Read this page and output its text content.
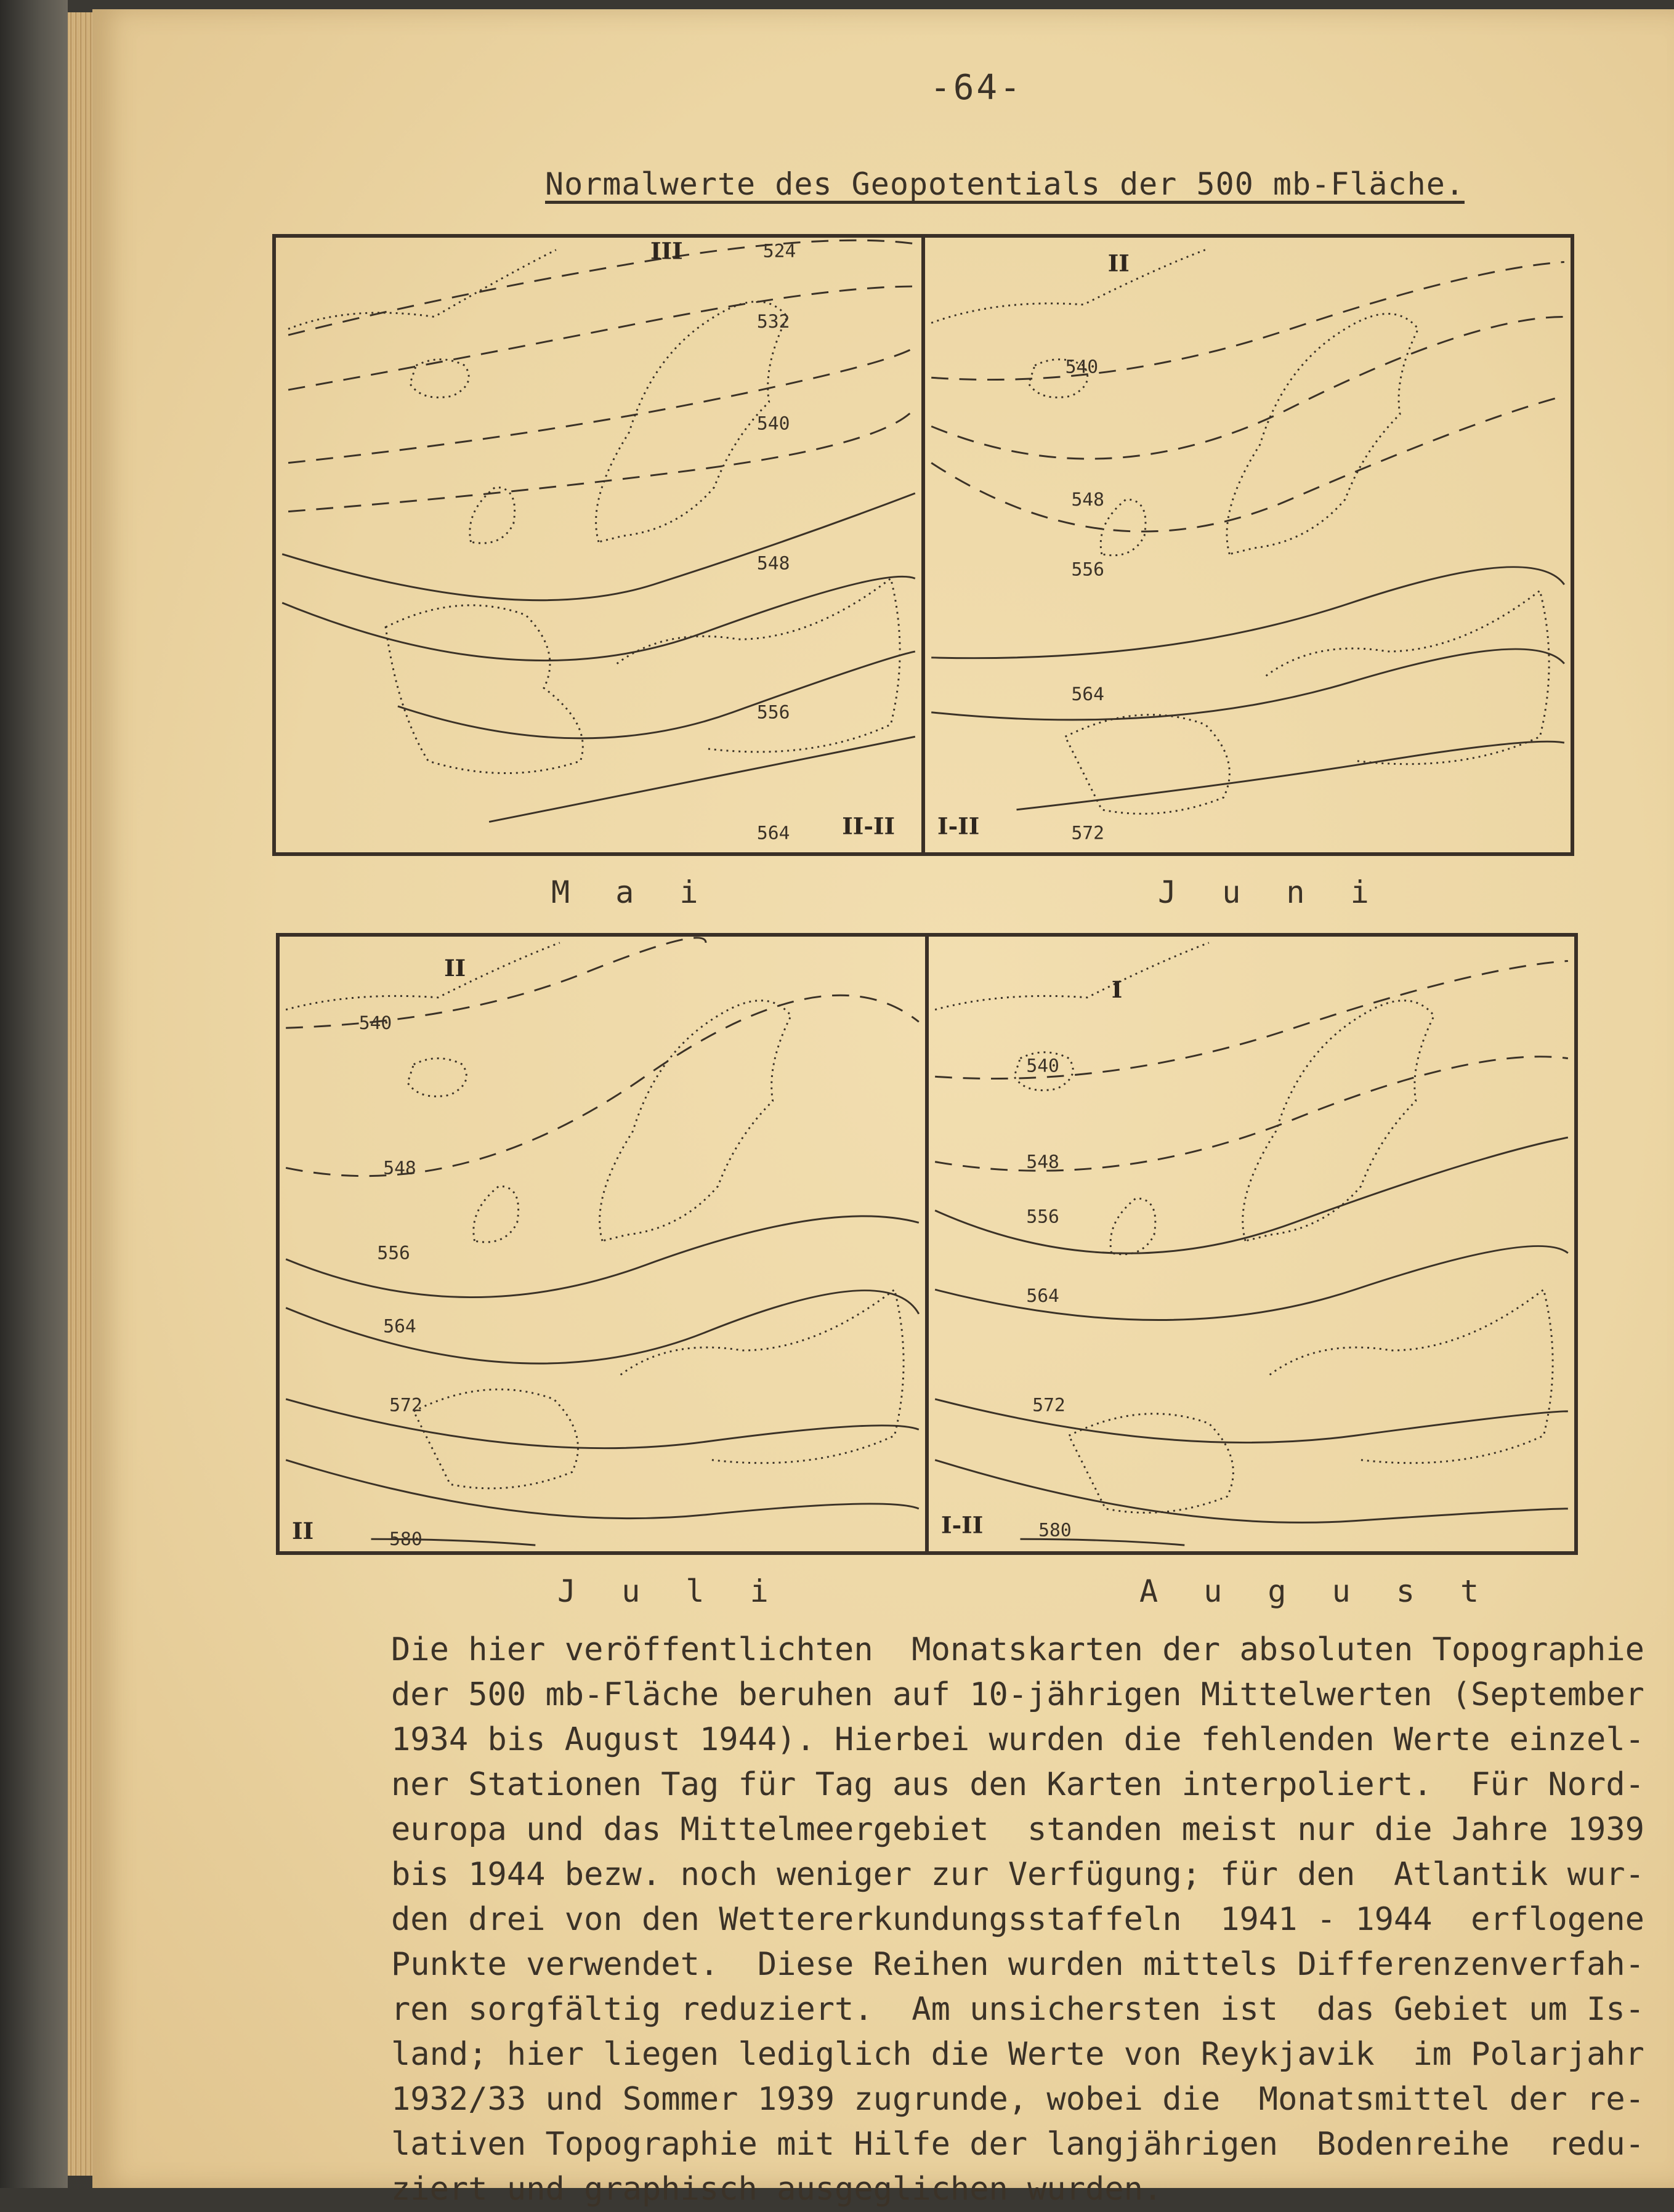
-64-
Normalwerte des Geopotentials der 500 mb-Fläche.
524
532
540
548
556
564
III
II-II
540
548
556
564
572
II
I-II
M a i	J u n i
540
548
556
564
572
580
II
II
540
548
556
564
572
580
I
I-II
J u l i	A u g u s t
Die hier veröffentlichten  Monatskarten der absoluten Topographie
der 500 mb-Fläche beruhen auf 10-jährigen Mittelwerten (September
1934 bis August 1944). Hierbei wurden die fehlenden Werte einzel-
ner Stationen Tag für Tag aus den Karten interpoliert.  Für Nord-
europa und das Mittelmeergebiet  standen meist nur die Jahre 1939
bis 1944 bezw. noch weniger zur Verfügung; für den  Atlantik wur-
den drei von den Wettererkundungsstaffeln  1941 - 1944  erflogene
Punkte verwendet.  Diese Reihen wurden mittels Differenzenverfah-
ren sorgfältig reduziert.  Am unsichersten ist  das Gebiet um Is-
land; hier liegen lediglich die Werte von Reykjavik  im Polarjahr
1932/33 und Sommer 1939 zugrunde, wobei die  Monatsmittel der re-
lativen Topographie mit Hilfe der langjährigen  Bodenreihe  redu-
ziert und graphisch ausgeglichen wurden.
